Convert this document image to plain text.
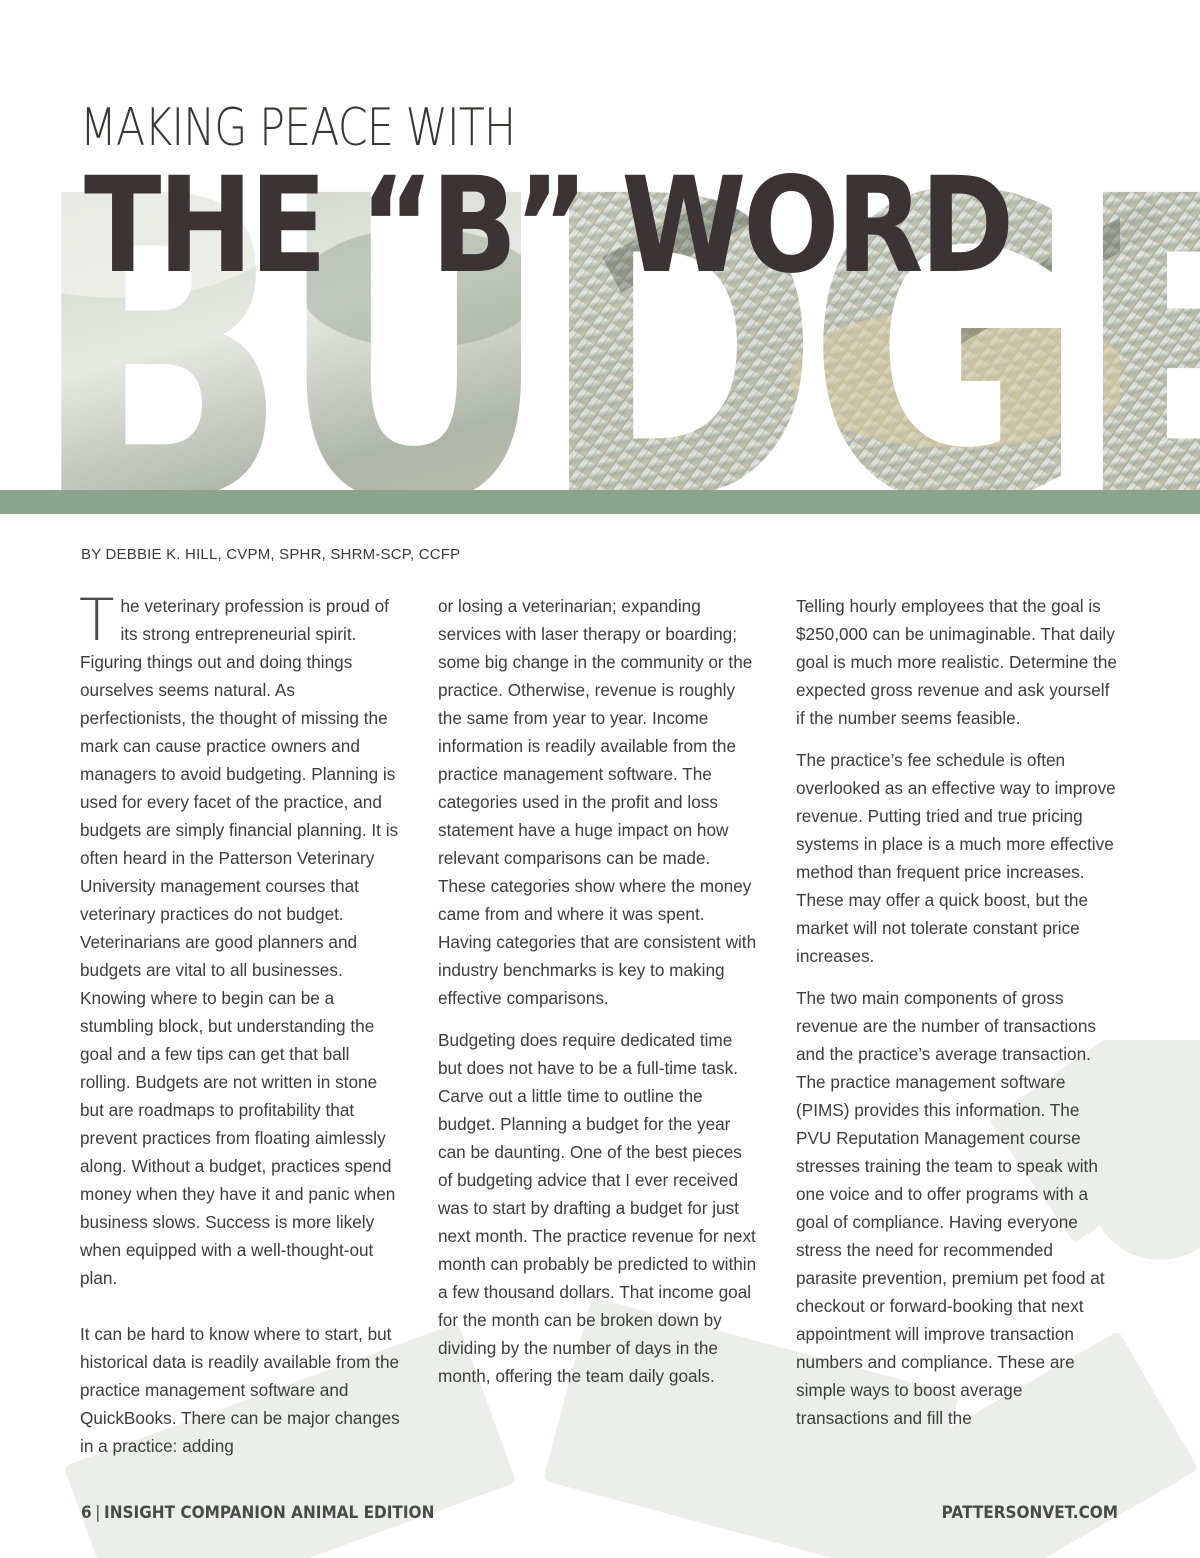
MAKING PEACE WITH
THE “B” WORD

BY DEBBIE K. HILL, CVPM, SPHR, SHRM-SCP, CCFP

The veterinary profession is proud of its strong entrepreneurial spirit. Figuring things out and doing things ourselves seems natural. As perfectionists, the thought of missing the mark can cause practice owners and managers to avoid budgeting. Planning is used for every facet of the practice, and budgets are simply financial planning. It is often heard in the Patterson Veterinary University management courses that veterinary practices do not budget. Veterinarians are good planners and budgets are vital to all businesses. Knowing where to begin can be a stumbling block, but understanding the goal and a few tips can get that ball rolling. Budgets are not written in stone but are roadmaps to profitability that prevent practices from floating aimlessly along. Without a budget, practices spend money when they have it and panic when business slows. Success is more likely when equipped with a well-thought-out plan.

It can be hard to know where to start, but historical data is readily available from the practice management software and QuickBooks. There can be major changes in a practice: adding

or losing a veterinarian; expanding services with laser therapy or boarding; some big change in the community or the practice. Otherwise, revenue is roughly the same from year to year. Income information is readily available from the practice management software. The categories used in the profit and loss statement have a huge impact on how relevant comparisons can be made. These categories show where the money came from and where it was spent. Having categories that are consistent with industry benchmarks is key to making effective comparisons.

Budgeting does require dedicated time but does not have to be a full-time task. Carve out a little time to outline the budget. Planning a budget for the year can be daunting. One of the best pieces of budgeting advice that I ever received was to start by drafting a budget for just next month. The practice revenue for next month can probably be predicted to within a few thousand dollars. That income goal for the month can be broken down by dividing by the number of days in the month, offering the team daily goals.

Telling hourly employees that the goal is $250,000 can be unimaginable. That daily goal is much more realistic. Determine the expected gross revenue and ask yourself if the number seems feasible.

The practice’s fee schedule is often overlooked as an effective way to improve revenue. Putting tried and true pricing systems in place is a much more effective method than frequent price increases. These may offer a quick boost, but the market will not tolerate constant price increases.

The two main components of gross revenue are the number of transactions and the practice’s average transaction. The practice management software (PIMS) provides this information. The PVU Reputation Management course stresses training the team to speak with one voice and to offer programs with a goal of compliance. Having everyone stress the need for recommended parasite prevention, premium pet food at checkout or forward-booking that next appointment will improve transaction numbers and compliance. These are simple ways to boost average transactions and fill the

6 | INSIGHT COMPANION ANIMAL EDITION	PATTERSONVET.COM
